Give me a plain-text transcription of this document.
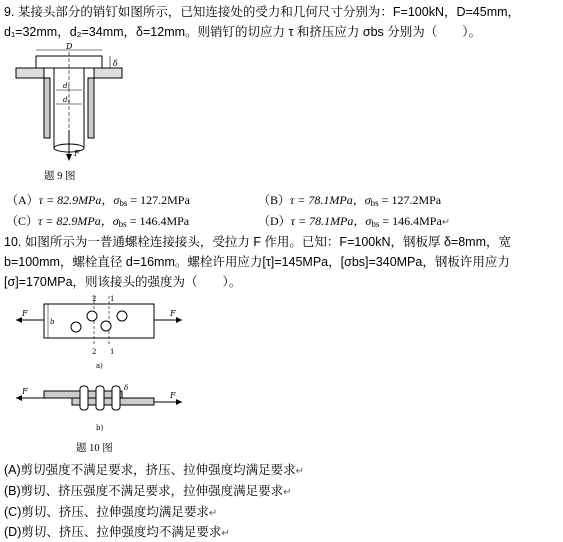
9. 某接头部分的销钉如图所示，已知连接处的受力和几何尺寸分别为：F=100kN，D=45mm，
d₁=32mm，d₂=34mm，δ=12mm。则销钉的切应力 τ 和挤压应力 σbs 分别为（　　）。
D
δ
d₁
d₂
F
题 9 图
（A）τ = 82.9MPa，$\sigma_{bs} = 127.2MPa$	（B）τ = 78.1MPa，$\sigma_{bs} = 127.2MPa$
（C）τ = 82.9MPa，$\sigma_{bs} = 146.4MPa$	（D）τ = 78.1MPa，$\sigma_{bs}$ = 146.4MPa↵
10. 如图所示为一普通螺栓连接接头，受拉力 F 作用。已知：F=100kN，钢板厚 δ=8mm，宽
b=100mm，螺栓直径 d=16mm。螺栓许用应力[τ]=145MPa，[σbs]=340MPa，钢板许用应力
[σ]=170MPa，则该接头的强度为（　　）。
F
b
2 1
2 1
F
a)
F	δ
F
b)
题 10 图
(A)剪切强度不满足要求，挤压、拉伸强度均满足要求↵
(B)剪切、挤压强度不满足要求，拉伸强度满足要求↵
(C)剪切、挤压、拉伸强度均满足要求↵
(D)剪切、挤压、拉伸强度均不满足要求↵
